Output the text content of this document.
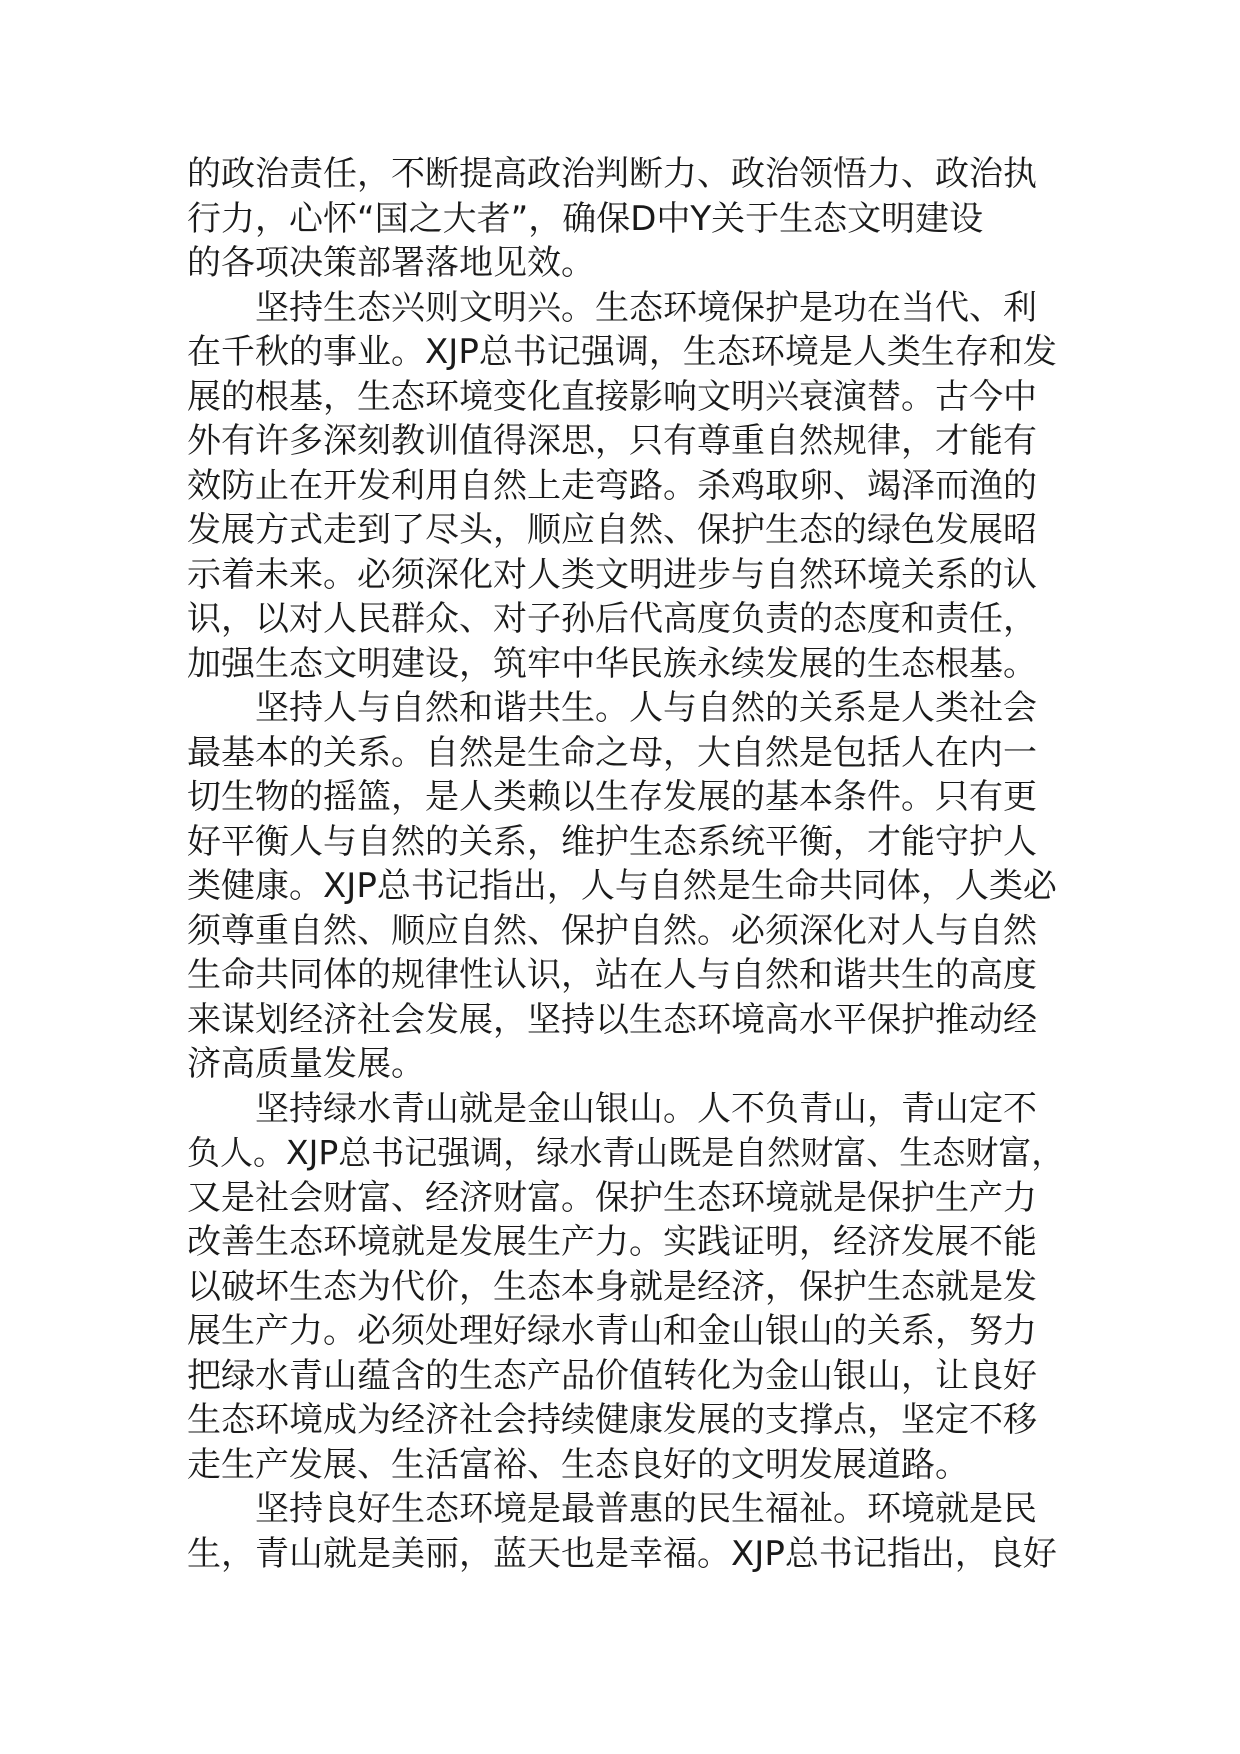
的政治责任，不断提高政治判断力、政治领悟力、政治执
行力，心怀“国之大者”，确保D中Y关于生态文明建设
的各项决策部署落地见效。
坚持生态兴则文明兴。生态环境保护是功在当代、利
在千秋的事业。XJP总书记强调，生态环境是人类生存和发
展的根基，生态环境变化直接影响文明兴衰演替。古今中
外有许多深刻教训值得深思，只有尊重自然规律，才能有
效防止在开发利用自然上走弯路。杀鸡取卵、竭泽而渔的
发展方式走到了尽头，顺应自然、保护生态的绿色发展昭
示着未来。必须深化对人类文明进步与自然环境关系的认
识，以对人民群众、对子孙后代高度负责的态度和责任，
加强生态文明建设，筑牢中华民族永续发展的生态根基。
坚持人与自然和谐共生。人与自然的关系是人类社会
最基本的关系。自然是生命之母，大自然是包括人在内一
切生物的摇篮，是人类赖以生存发展的基本条件。只有更
好平衡人与自然的关系，维护生态系统平衡，才能守护人
类健康。XJP总书记指出，人与自然是生命共同体，人类必
须尊重自然、顺应自然、保护自然。必须深化对人与自然
生命共同体的规律性认识，站在人与自然和谐共生的高度
来谋划经济社会发展，坚持以生态环境高水平保护推动经
济高质量发展。
坚持绿水青山就是金山银山。人不负青山，青山定不
负人。XJP总书记强调，绿水青山既是自然财富、生态财富，
又是社会财富、经济财富。保护生态环境就是保护生产力
改善生态环境就是发展生产力。实践证明，经济发展不能
以破坏生态为代价，生态本身就是经济，保护生态就是发
展生产力。必须处理好绿水青山和金山银山的关系，努力
把绿水青山蕴含的生态产品价值转化为金山银山，让良好
生态环境成为经济社会持续健康发展的支撑点，坚定不移
走生产发展、生活富裕、生态良好的文明发展道路。
坚持良好生态环境是最普惠的民生福祉。环境就是民
生，青山就是美丽，蓝天也是幸福。XJP总书记指出，良好
